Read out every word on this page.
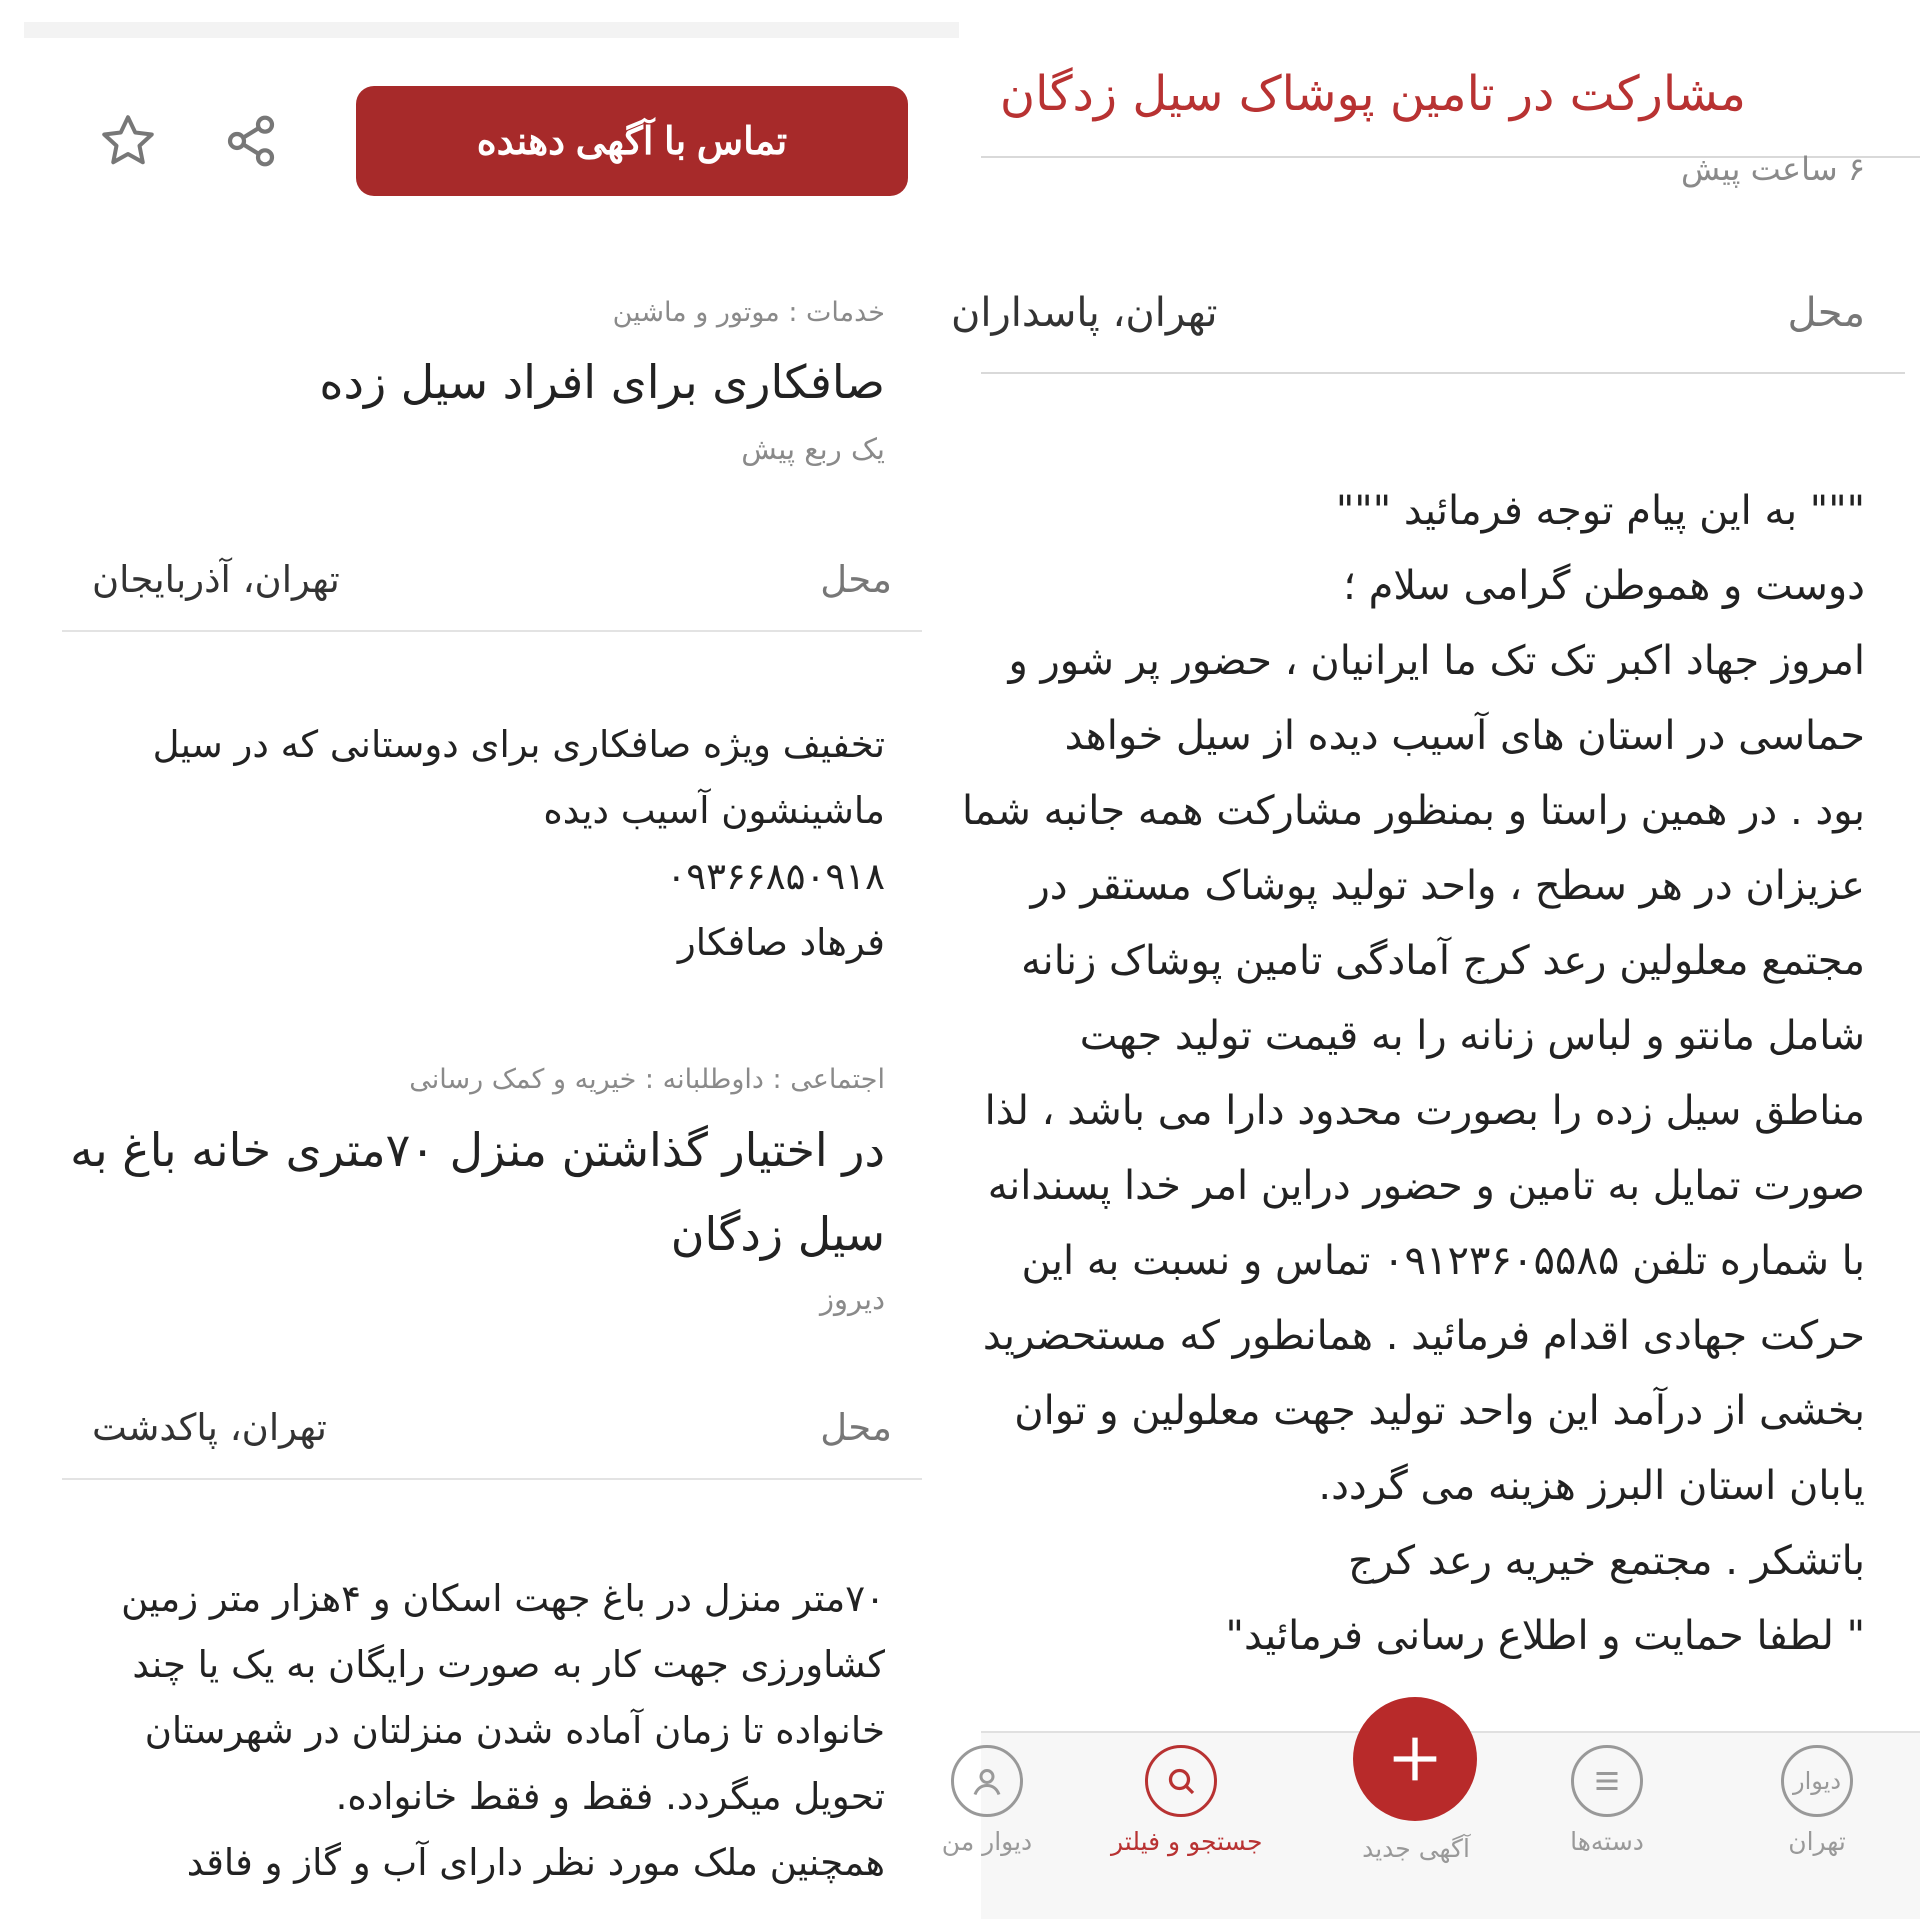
تماس با آگهی دهنده
خدمات : موتور و ماشین
صافکاری برای افراد سیل زده
یک ربع پیش
محل
تهران، آذربایجان
تخفیف ویژه صافکاری برای دوستانی که در سیل
ماشینشون آسیب دیده
۰۹۳۶۶۸۵۰۹۱۸
فرهاد صافکار
اجتماعی : داوطلبانه : خیریه و کمک رسانی
در اختیار گذاشتن منزل ۷۰متری خانه باغ به
سیل زدگان
دیروز
محل
تهران، پاکدشت
۷۰متر منزل در باغ جهت اسکان و ۴هزار متر زمین
کشاورزی جهت کار به صورت رایگان به یک یا چند
خانواده تا زمان آماده شدن منزلتان در شهرستان
تحویل میگردد. فقط و فقط خانواده.
همچنین ملک مورد نظر دارای آب و گاز و فاقد
مشارکت در تامین پوشاک سیل زدگان
۶ ساعت پیش
محل
تهران، پاسداران
""" به این پیام توجه فرمائید """
دوست و هموطن گرامی سلام ؛
امروز جهاد اکبر تک تک ما ایرانیان ، حضور پر شور و
حماسی در استان های آسیب دیده از سیل خواهد
بود . در همین راستا و بمنظور مشارکت همه جانبه شما
عزیزان در هر سطح ، واحد تولید پوشاک مستقر در
مجتمع معلولین رعد کرج آمادگی تامین پوشاک زنانه
شامل مانتو و لباس زنانه را به قیمت تولید جهت
مناطق سیل زده را بصورت محدود دارا می باشد ، لذا
صورت تمایل به تامین و حضور دراین امر خدا پسندانه
با شماره تلفن ۰۹۱۲۳۶۰۵۵۸۵ تماس و نسبت به این
حرکت جهادی اقدام فرمائید . همانطور که مستحضرید
بخشی از درآمد این واحد تولید جهت معلولین و توان
یابان استان البرز هزینه می گردد.
باتشکر . مجتمع خیریه رعد کرج
" لطفا حمایت و اطلاع رسانی فرمائید"
دیوار
تهران
دسته‌ها
جستجو و فیلتر
دیوار من	آگهی جدید
